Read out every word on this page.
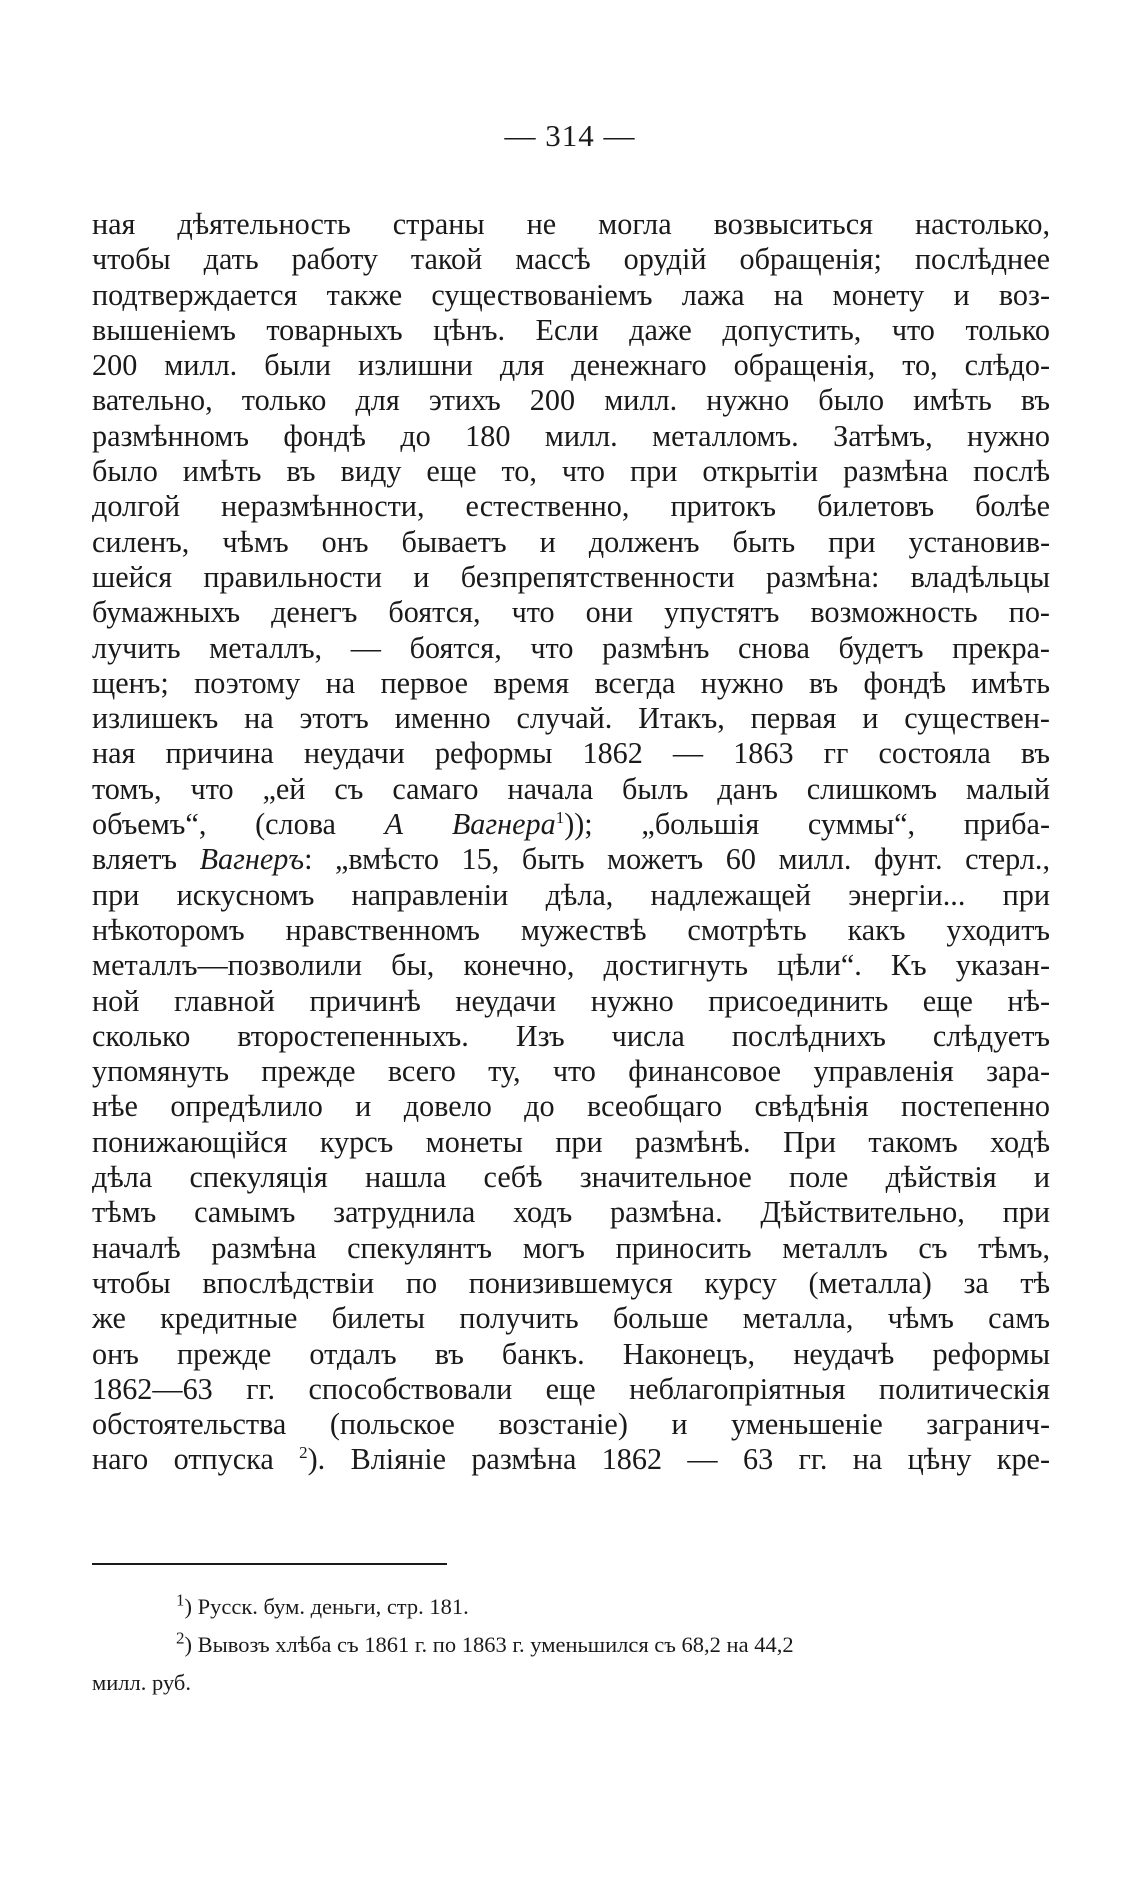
— 314 —
ная дѣятельность страны не могла возвыситься настолько,
чтобы дать работу такой массѣ орудій обращенія; послѣднее
подтверждается также существованіемъ лажа на монету и воз-
вышеніемъ товарныхъ цѣнъ. Если даже допустить, что только
200 милл. были излишни для денежнаго обращенія, то, слѣдо-
вательно, только для этихъ 200 милл. нужно было имѣть въ
размѣнномъ фондѣ до 180 милл. металломъ. Затѣмъ, нужно
было имѣть въ виду еще то, что при открытіи размѣна послѣ
долгой неразмѣнности, естественно, притокъ билетовъ болѣе
силенъ, чѣмъ онъ бываетъ и долженъ быть при установив-
шейся правильности и безпрепятственности размѣна: владѣльцы
бумажныхъ денегъ боятся, что они упустятъ возможность по-
лучить металлъ, — боятся, что размѣнъ снова будетъ прекра-
щенъ; поэтому на первое время всегда нужно въ фондѣ имѣть
излишекъ на этотъ именно случай. Итакъ, первая и существен-
ная причина неудачи реформы 1862 — 1863 гг состояла въ
томъ, что „ей съ самаго начала былъ данъ слишкомъ малый
объемъ“, (слова А Вагнера$^1$)); „большія суммы“, приба-
вляетъ Вагнеръ: „вмѣсто 15, быть можетъ 60 милл. фунт. стерл.,
при искусномъ направленіи дѣла, надлежащей энергіи... при
нѣкоторомъ нравственномъ мужествѣ смотрѣть какъ уходитъ
металлъ—позволили бы, конечно, достигнуть цѣли“. Къ указан-
ной главной причинѣ неудачи нужно присоединить еще нѣ-
сколько второстепенныхъ. Изъ числа послѣднихъ слѣдуетъ
упомянуть прежде всего ту, что финансовое управленія зара-
нѣе опредѣлило и довело до всеобщаго свѣдѣнія постепенно
понижающійся курсъ монеты при размѣнѣ. При такомъ ходѣ
дѣла спекуляція нашла себѣ значительное поле дѣйствія и
тѣмъ самымъ затруднила ходъ размѣна. Дѣйствительно, при
началѣ размѣна спекулянтъ могъ приносить металлъ съ тѣмъ,
чтобы впослѣдствіи по понизившемуся курсу (металла) за тѣ
же кредитные билеты получить больше металла, чѣмъ самъ
онъ прежде отдалъ въ банкъ. Наконецъ, неудачѣ реформы
1862—63 гг. способствовали еще неблагопріятныя политическія
обстоятельства (польское возстаніе) и уменьшеніе загранич-
наго отпуска $^2$). Вліяніе размѣна 1862 — 63 гг. на цѣну кре-
$^1$) Русск. бум. деньги, стр. 181.
$^2$) Вывозъ хлѣба съ 1861 г. по 1863 г. уменьшился съ 68,2 на 44,2
милл. руб.
